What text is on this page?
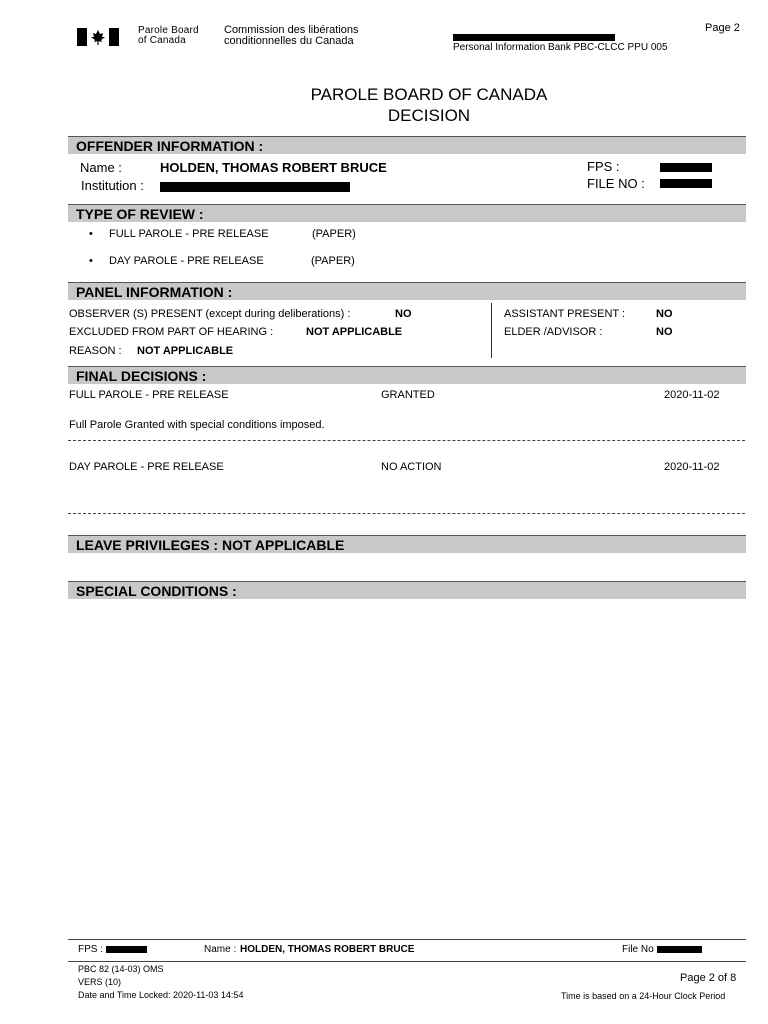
Parole Board
of Canada
Commission des libérations
conditionnelles du Canada
Personal Information Bank PBC-CLCC PPU 005
Page 2
PAROLE BOARD OF CANADA
DECISION
OFFENDER INFORMATION :
Name :	HOLDEN, THOMAS ROBERT BRUCE
Institution :
FPS :
FILE NO :
TYPE OF REVIEW :
• FULL PAROLE - PRE RELEASE	(PAPER)
• DAY PAROLE - PRE RELEASE	(PAPER)
PANEL INFORMATION :
OBSERVER (S) PRESENT (except during deliberations) :	NO
EXCLUDED FROM PART OF HEARING :	NOT APPLICABLE
REASON : NOT APPLICABLE
ASSISTANT PRESENT :	NO
ELDER /ADVISOR :	NO
FINAL DECISIONS :
FULL PAROLE - PRE RELEASE	GRANTED	2020-11-02
Full Parole Granted with special conditions imposed.
DAY PAROLE - PRE RELEASE	NO ACTION	2020-11-02
LEAVE PRIVILEGES : NOT APPLICABLE
SPECIAL CONDITIONS :
FPS :	Name : HOLDEN, THOMAS ROBERT BRUCE	File No
PBC 82 (14-03) OMS
VERS (10)
Date and Time Locked: 2020-11-03 14:54
Page 2 of 8
Time is based on a 24-Hour Clock Period
